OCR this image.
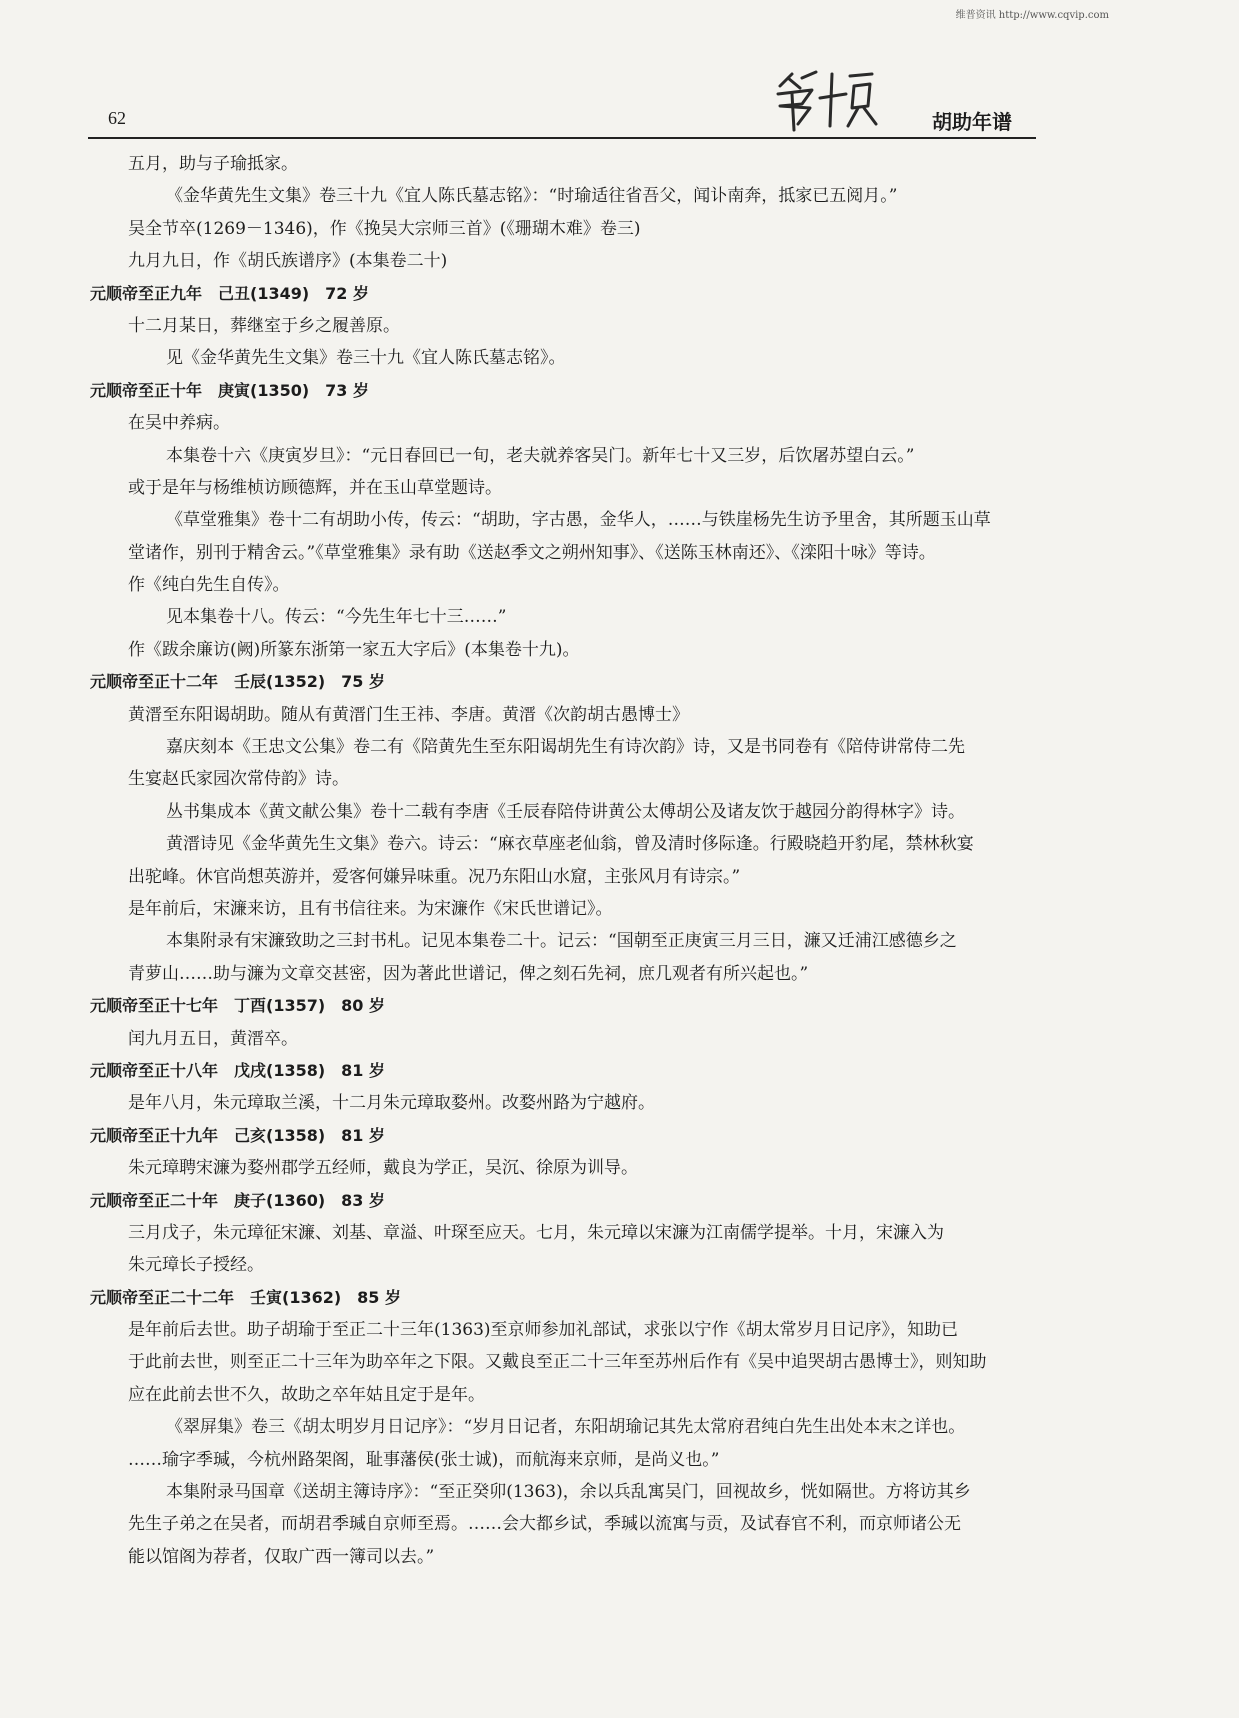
维普资讯 http://www.cqvip.com
62	胡助年谱
五月，助与子瑜抵家。
《金华黄先生文集》卷三十九《宜人陈氏墓志铭》：“时瑜适往省吾父，闻讣南奔，抵家已五阅月。”
吴全节卒(1269－1346)，作《挽吴大宗师三首》(《珊瑚木难》卷三)
九月九日，作《胡氏族谱序》(本集卷二十)
元顺帝至正九年　己丑(1349)　72 岁
十二月某日，葬继室于乡之履善原。
见《金华黄先生文集》卷三十九《宜人陈氏墓志铭》。
元顺帝至正十年　庚寅(1350)　73 岁
在吴中养病。
本集卷十六《庚寅岁旦》：“元日春回已一旬，老夫就养客吴门。新年七十又三岁，后饮屠苏望白云。”
或于是年与杨维桢访顾德辉，并在玉山草堂题诗。
《草堂雅集》卷十二有胡助小传，传云：“胡助，字古愚，金华人，……与铁崖杨先生访予里舍，其所题玉山草
堂诸作，别刊于精舍云。”《草堂雅集》录有助《送赵季文之朔州知事》、《送陈玉林南还》、《滦阳十咏》等诗。
作《纯白先生自传》。
见本集卷十八。传云：“今先生年七十三……”
作《跋余廉访(阙)所篆东浙第一家五大字后》(本集卷十九)。
元顺帝至正十二年　壬辰(1352)　75 岁
黄溍至东阳谒胡助。随从有黄溍门生王祎、李唐。黄溍《次韵胡古愚博士》
嘉庆刻本《王忠文公集》卷二有《陪黄先生至东阳谒胡先生有诗次韵》诗，又是书同卷有《陪侍讲常侍二先
生宴赵氏家园次常侍韵》诗。
丛书集成本《黄文献公集》卷十二载有李唐《壬辰春陪侍讲黄公太傅胡公及诸友饮于越园分韵得林字》诗。
黄溍诗见《金华黄先生文集》卷六。诗云：“麻衣草座老仙翁，曾及清时侈际逢。行殿晓趋开豹尾，禁林秋宴
出驼峰。休官尚想英游并，爱客何嫌异味重。况乃东阳山水窟，主张风月有诗宗。”
是年前后，宋濂来访，且有书信往来。为宋濂作《宋氏世谱记》。
本集附录有宋濂致助之三封书札。记见本集卷二十。记云：“国朝至正庚寅三月三日，濂又迁浦江感德乡之
青萝山……助与濂为文章交甚密，因为著此世谱记，俾之刻石先祠，庶几观者有所兴起也。”
元顺帝至正十七年　丁酉(1357)　80 岁
闰九月五日，黄溍卒。
元顺帝至正十八年　戊戌(1358)　81 岁
是年八月，朱元璋取兰溪，十二月朱元璋取婺州。改婺州路为宁越府。
元顺帝至正十九年　己亥(1358)　81 岁
朱元璋聘宋濂为婺州郡学五经师，戴良为学正，吴沉、徐原为训导。
元顺帝至正二十年　庚子(1360)　83 岁
三月戊子，朱元璋征宋濂、刘基、章溢、叶琛至应天。七月，朱元璋以宋濂为江南儒学提举。十月，宋濂入为
朱元璋长子授经。
元顺帝至正二十二年　壬寅(1362)　85 岁
是年前后去世。助子胡瑜于至正二十三年(1363)至京师参加礼部试，求张以宁作《胡太常岁月日记序》，知助已
于此前去世，则至正二十三年为助卒年之下限。又戴良至正二十三年至苏州后作有《吴中追哭胡古愚博士》，则知助
应在此前去世不久，故助之卒年姑且定于是年。
《翠屏集》卷三《胡太明岁月日记序》：“岁月日记者，东阳胡瑜记其先太常府君纯白先生出处本末之详也。
……瑜字季瑊，今杭州路架阁，耻事藩侯(张士诚)，而航海来京师，是尚义也。”
本集附录马国章《送胡主簿诗序》：“至正癸卯(1363)，余以兵乱寓吴门，回视故乡，恍如隔世。方将访其乡
先生子弟之在吴者，而胡君季瑊自京师至焉。……会大都乡试，季瑊以流寓与贡，及试春官不利，而京师诸公无
能以馆阁为荐者，仅取广西一簿司以去。”
